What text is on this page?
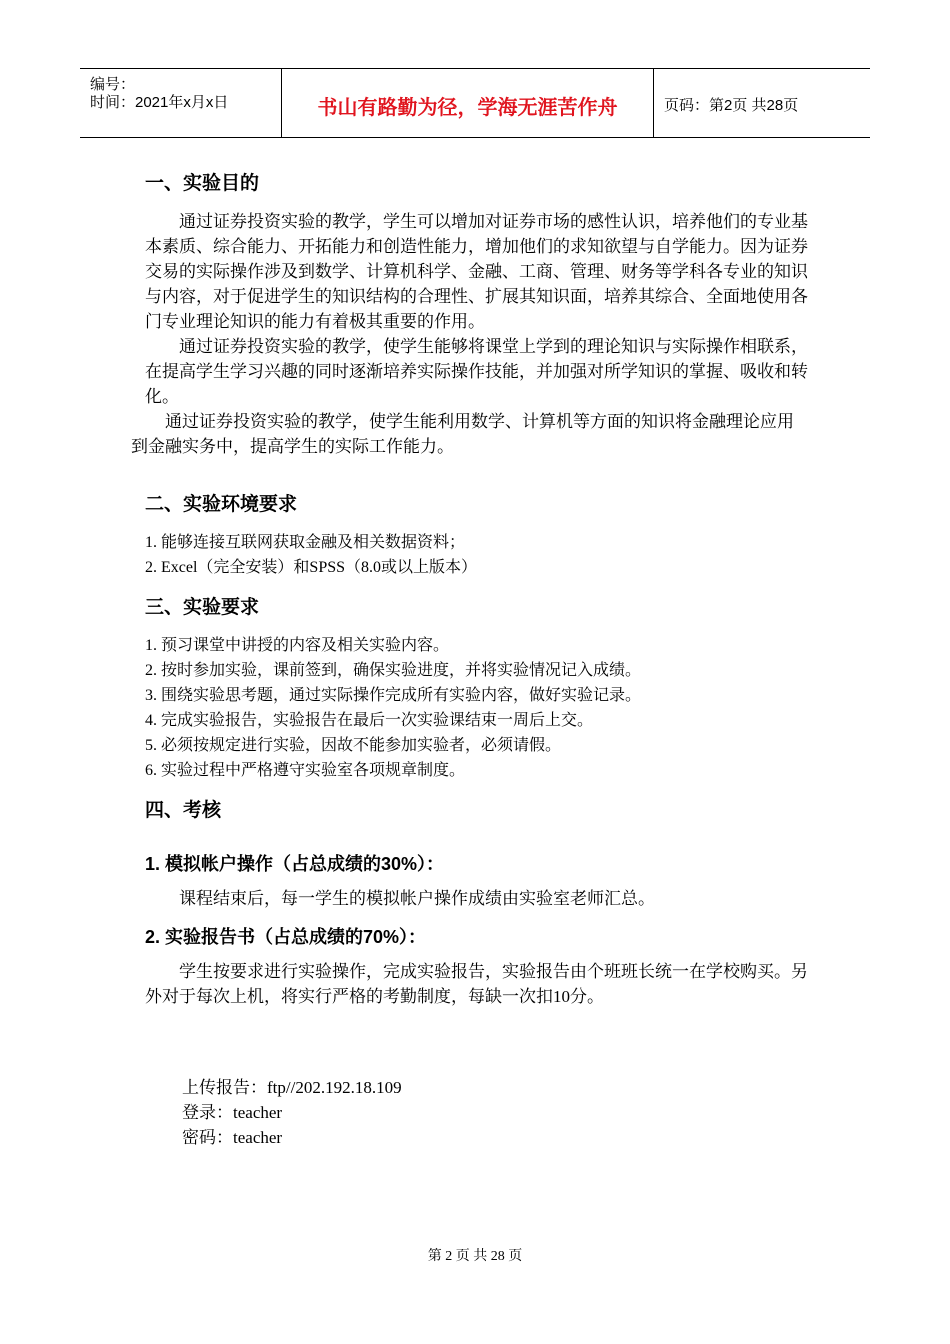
编号：
时间：2021年x月x日	书山有路勤为径，学海无涯苦作舟	页码：第2页 共28页
一、实验目的

通过证券投资实验的教学，学生可以增加对证券市场的感性认识，培养他们的专业基本素质、综合能力、开拓能力和创造性能力，增加他们的求知欲望与自学能力。因为证券交易的实际操作涉及到数学、计算机科学、金融、工商、管理、财务等学科各专业的知识与内容，对于促进学生的知识结构的合理性、扩展其知识面，培养其综合、全面地使用各门专业理论知识的能力有着极其重要的作用。

通过证券投资实验的教学，使学生能够将课堂上学到的理论知识与实际操作相联系，在提高学生学习兴趣的同时逐渐培养实际操作技能，并加强对所学知识的掌握、吸收和转化。

通过证券投资实验的教学，使学生能利用数学、计算机等方面的知识将金融理论应用到金融实务中，提高学生的实际工作能力。

二、实验环境要求
1. 能够连接互联网获取金融及相关数据资料；
2. Excel（完全安装）和SPSS（8.0或以上版本）
三、实验要求
1. 预习课堂中讲授的内容及相关实验内容。
2. 按时参加实验，课前签到，确保实验进度，并将实验情况记入成绩。
3. 围绕实验思考题，通过实际操作完成所有实验内容，做好实验记录。
4. 完成实验报告，实验报告在最后一次实验课结束一周后上交。
5. 必须按规定进行实验，因故不能参加实验者，必须请假。
6. 实验过程中严格遵守实验室各项规章制度。
四、考核
1. 模拟帐户操作（占总成绩的30%）：

课程结束后，每一学生的模拟帐户操作成绩由实验室老师汇总。

2. 实验报告书（占总成绩的70%）：

学生按要求进行实验操作，完成实验报告，实验报告由个班班长统一在学校购买。另外对于每次上机，将实行严格的考勤制度，每缺一次扣10分。

上传报告：ftp//202.192.18.109
登录：teacher
密码：teacher
第 2 页 共 28 页
